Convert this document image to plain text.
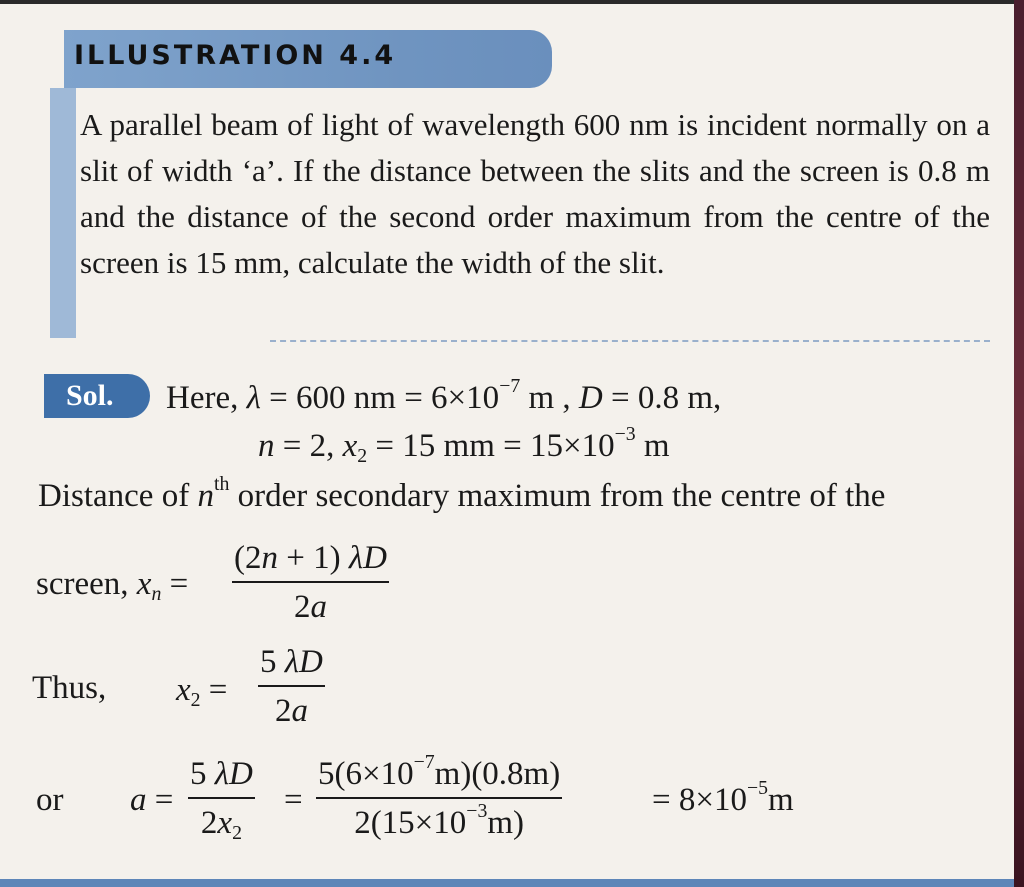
ILLUSTRATION 4.4
A parallel beam of light of wavelength 600 nm is incident normally on a slit of width ‘a’. If the distance between the slits and the screen is 0.8 m and the distance of the second order maximum from the centre of the screen is 15 mm, calculate the width of the slit.
Sol. Here, λ = 600 nm = $6\times 10^{-7}$ m , D = 0.8 m,
n = 2, $x_2 = 15$ mm = $15\times 10^{-3}$ m
Distance of $n^{th}$ order secondary maximum from the centre of the
screen, $x_n = \frac{(2n + 1) \lambda D}{2a}$
Thus, $x_2 = \frac{5 \lambda D}{2a}$
or $a = \frac{5 \lambda D}{2x_2} = \frac{5(6\times 10^{-7}m)(0.8m)}{2(15\times 10^{-3}m)}$	= $8\times 10^{-5}m$
